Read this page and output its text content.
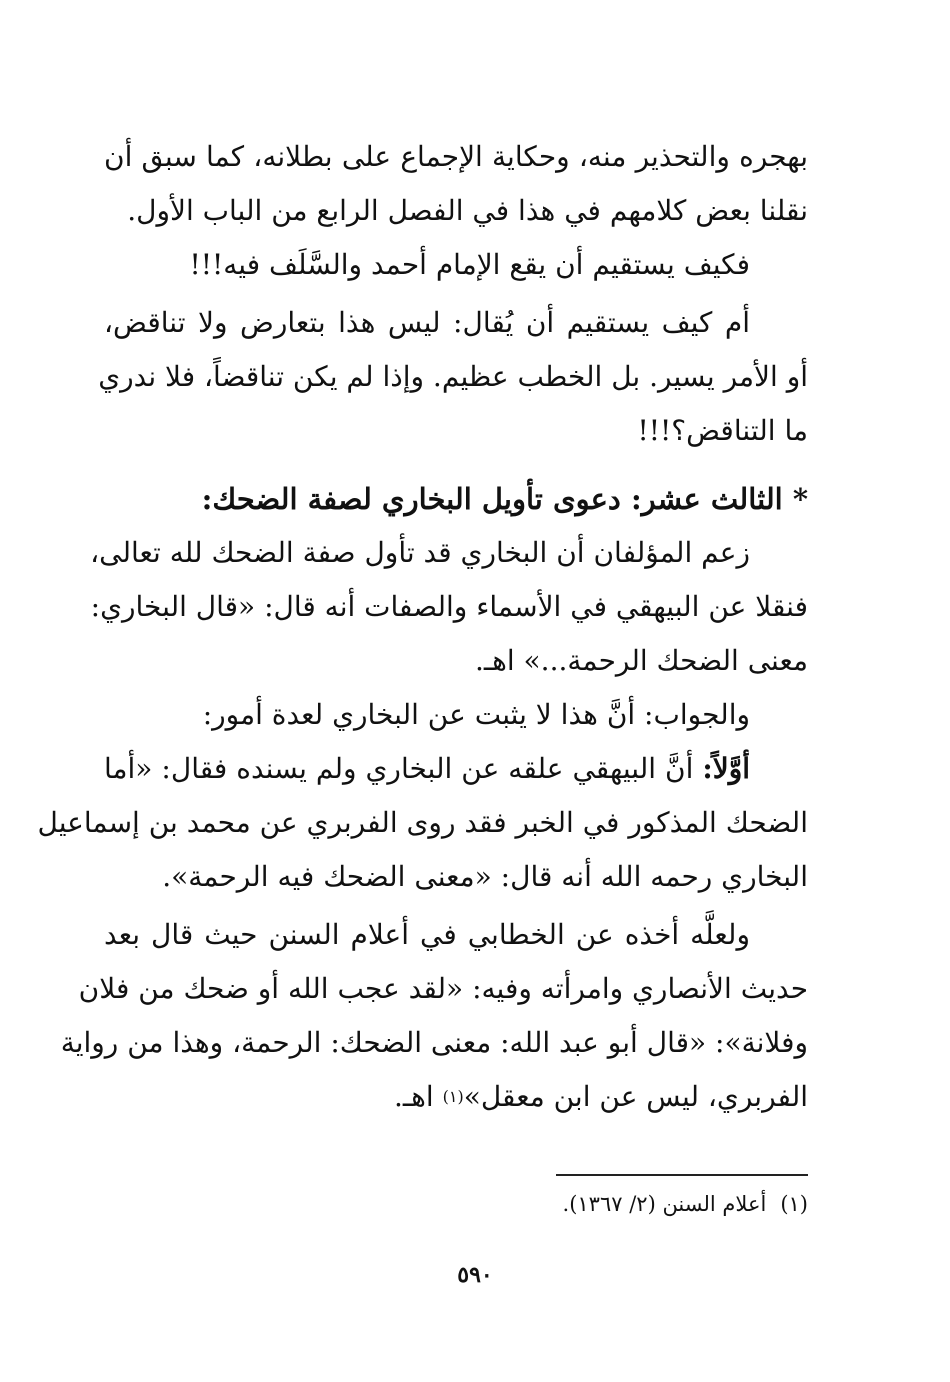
بهجره والتحذير منه، وحكاية الإجماع على بطلانه، كما سبق أن
نقلنا بعض كلامهم في هذا في الفصل الرابع من الباب الأول.
فكيف يستقيم أن يقع الإمام أحمد والسَّلَف فيه!!!
أم كيف يستقيم أن يُقال: ليس هذا بتعارض ولا تناقض،
أو الأمر يسير. بل الخطب عظيم. وإذا لم يكن تناقضاً، فلا ندري
ما التناقض؟!!!
* الثالث عشر: دعوى تأويل البخاري لصفة الضحك:
زعم المؤلفان أن البخاري قد تأول صفة الضحك لله تعالى،
فنقلا عن البيهقي في الأسماء والصفات أنه قال: «قال البخاري:
معنى الضحك الرحمة...» اهـ.
والجواب: أنَّ هذا لا يثبت عن البخاري لعدة أمور:
أوَّلاً: أنَّ البيهقي علقه عن البخاري ولم يسنده فقال: «أما
الضحك المذكور في الخبر فقد روى الفربري عن محمد بن إسماعيل
البخاري رحمه الله أنه قال: «معنى الضحك فيه الرحمة».
ولعلَّه أخذه عن الخطابي في أعلام السنن حيث قال بعد
حديث الأنصاري وامرأته وفيه: «لقد عجب الله أو ضحك من فلان
وفلانة»: «قال أبو عبد الله: معنى الضحك: الرحمة، وهذا من رواية
الفربري، ليس عن ابن معقل»$^{(١)}$ اهـ.
(١)أعلام السنن (٢/ ١٣٦٧).
٥٩٠
